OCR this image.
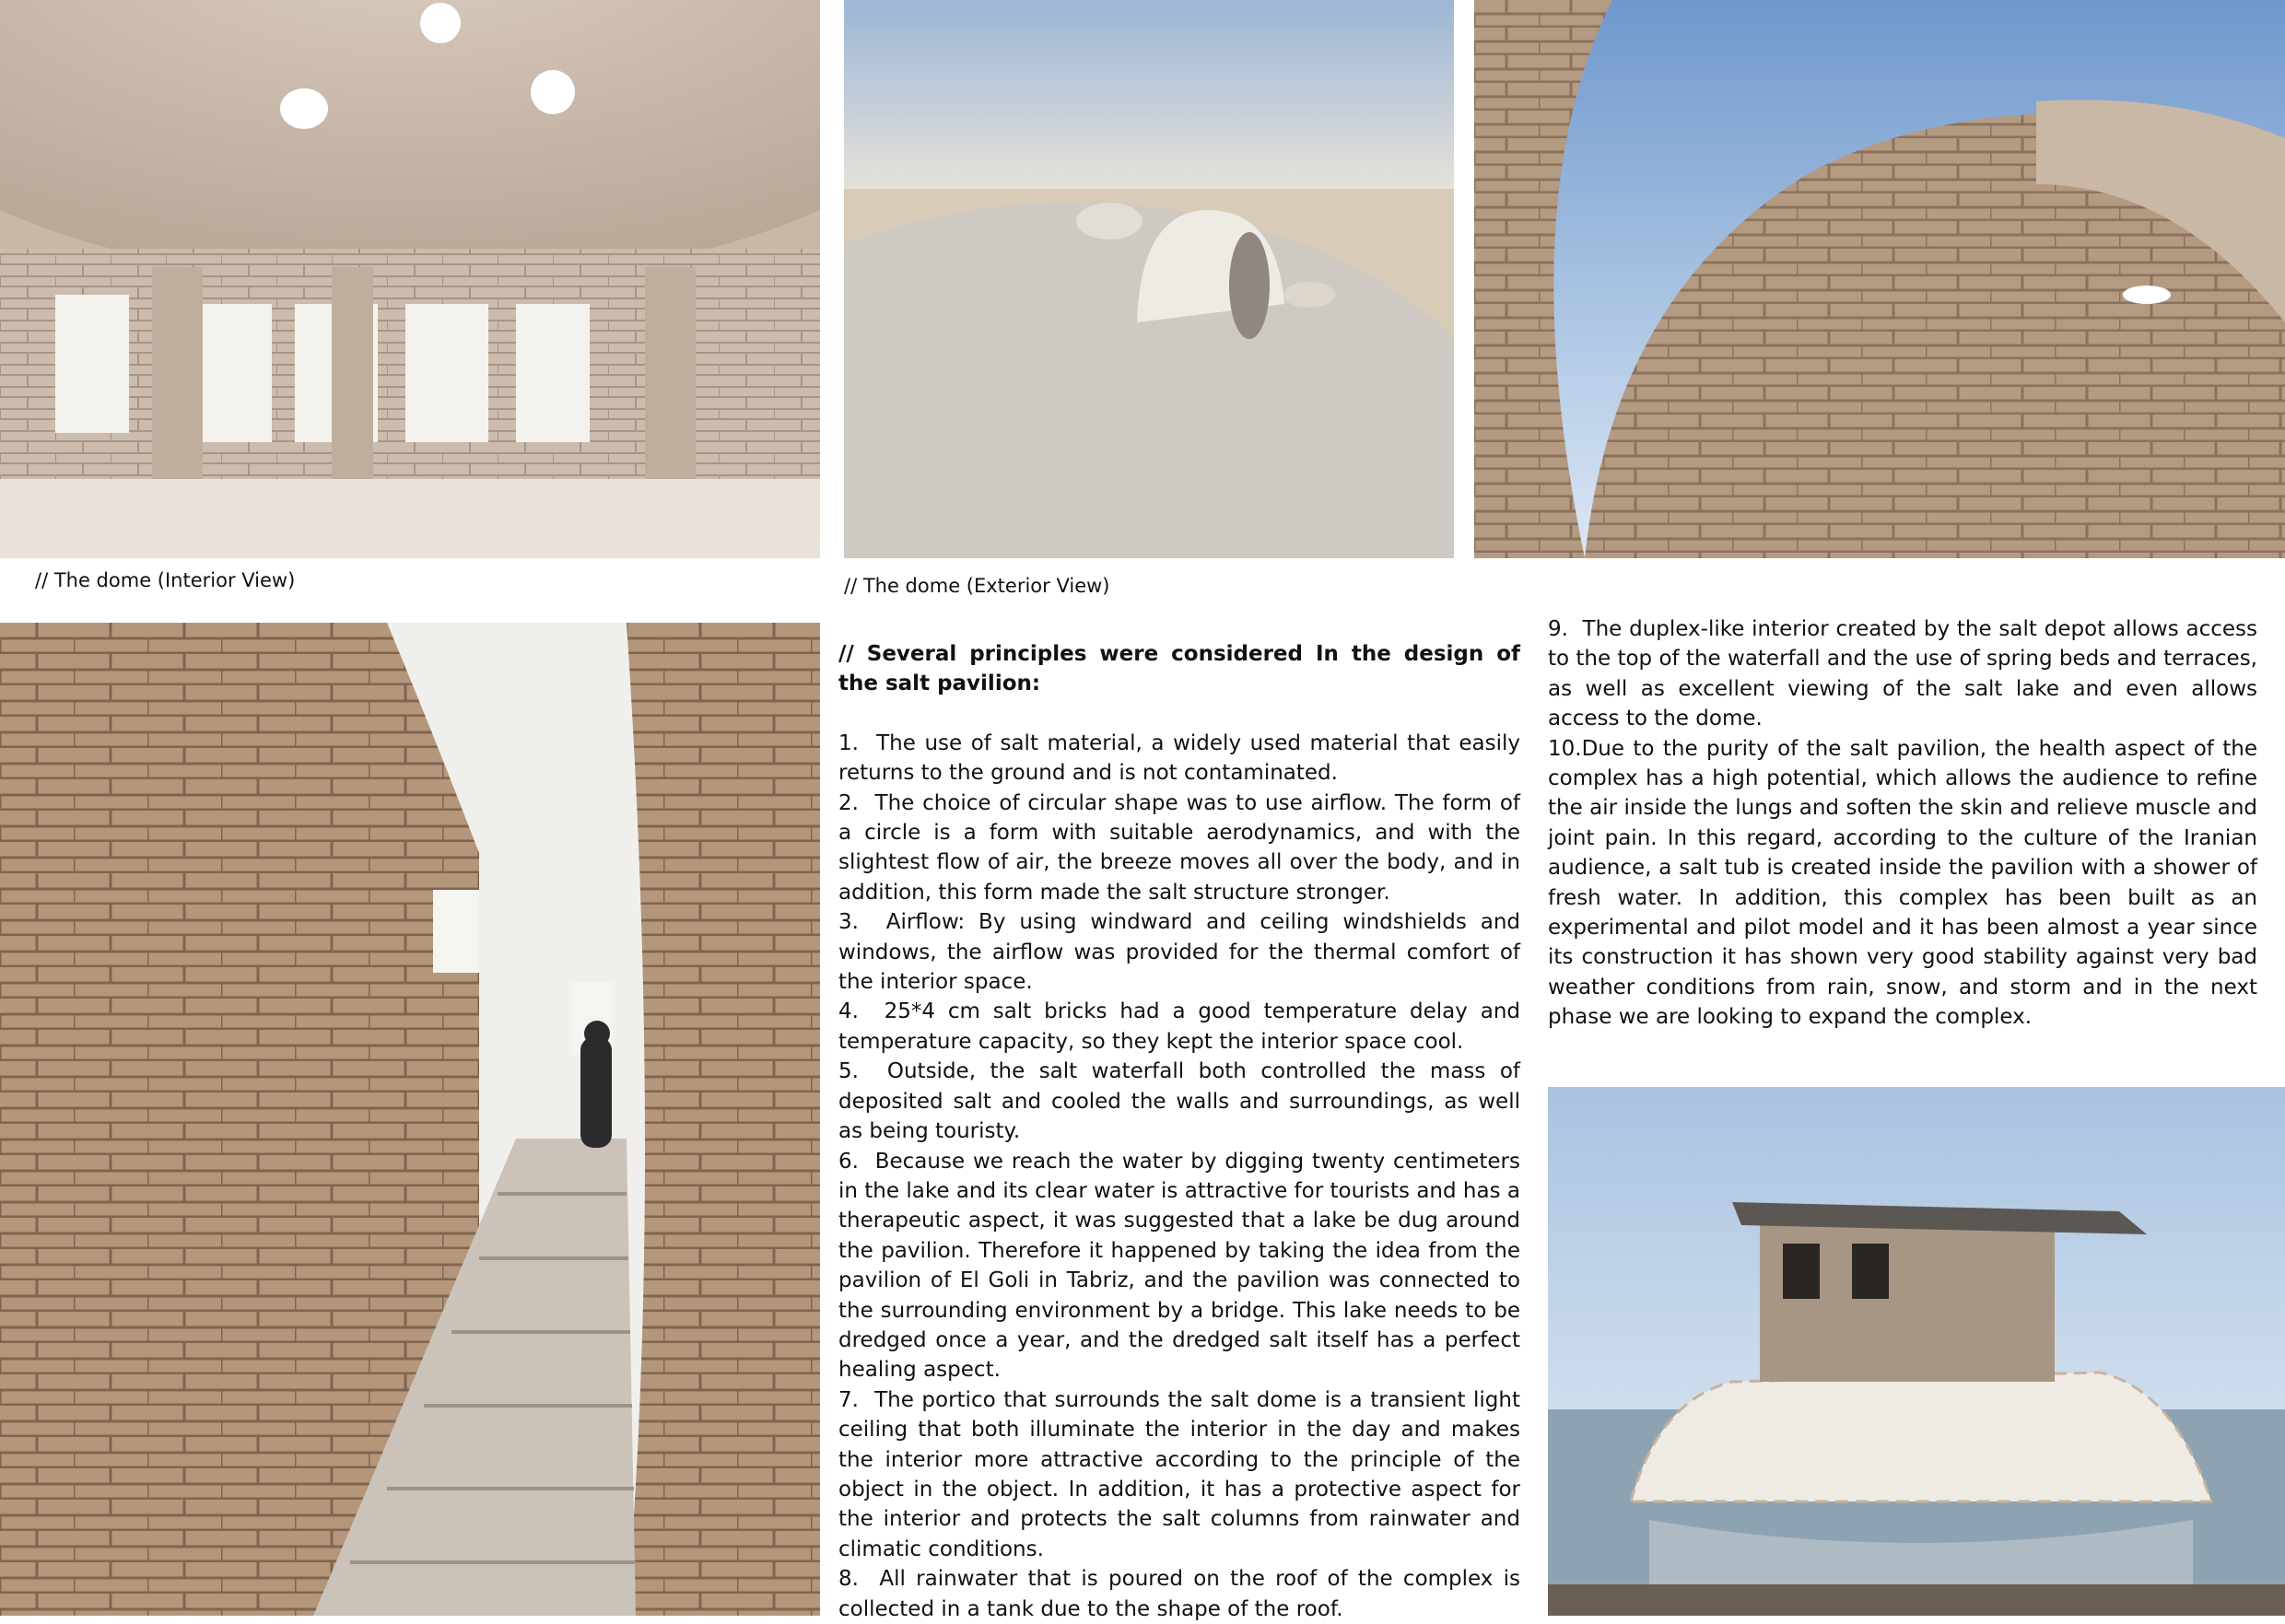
// The dome (Interior View)	// The dome (Exterior View)

// Several principles were considered In the design of the salt pavilion:

1.  The use of salt material, a widely used material that easily returns to the ground and is not contaminated.

2.  The choice of circular shape was to use airflow. The form of a circle is a form with suitable aerodynamics, and with the slightest flow of air, the breeze moves all over the body, and in addition, this form made the salt structure stronger.

3.  Airflow: By using windward and ceiling windshields and windows, the airflow was provided for the thermal comfort of the interior space.

4.  25*4 cm salt bricks had a good temperature delay and temperature capacity, so they kept the interior space cool.

5.  Outside, the salt waterfall both controlled the mass of deposited salt and cooled the walls and surroundings, as well as being touristy.

6.  Because we reach the water by digging twenty centimeters in the lake and its clear water is attractive for tourists and has a therapeutic aspect, it was suggested that a lake be dug around the pavilion. Therefore it happened by taking the idea from the pavilion of El Goli in Tabriz, and the pavilion was connected to the surrounding environment by a bridge. This lake needs to be dredged once a year, and the dredged salt itself has a perfect healing aspect.

7.  The portico that surrounds the salt dome is a transient light ceiling that both illuminate the interior in the day and makes the interior more attractive according to the principle of the object in the object. In addition, it has a protective aspect for the interior and protects the salt columns from rainwater and climatic conditions.

8.  All rainwater that is poured on the roof of the complex is collected in a tank due to the shape of the roof.

9.  The duplex-like interior created by the salt depot allows access to the top of the waterfall and the use of spring beds and terraces, as well as excellent viewing of the salt lake and even allows access to the dome.

10.Due to the purity of the salt pavilion, the health aspect of the complex has a high potential, which allows the audience to refine the air inside the lungs and soften the skin and relieve muscle and joint pain. In this regard, according to the culture of the Iranian audience, a salt tub is created inside the pavilion with a shower of fresh water. In addition, this complex has been built as an experimental and pilot model and it has been almost a year since its construction it has shown very good stability against very bad weather conditions from rain, snow, and storm and in the next phase we are looking to expand the complex.
